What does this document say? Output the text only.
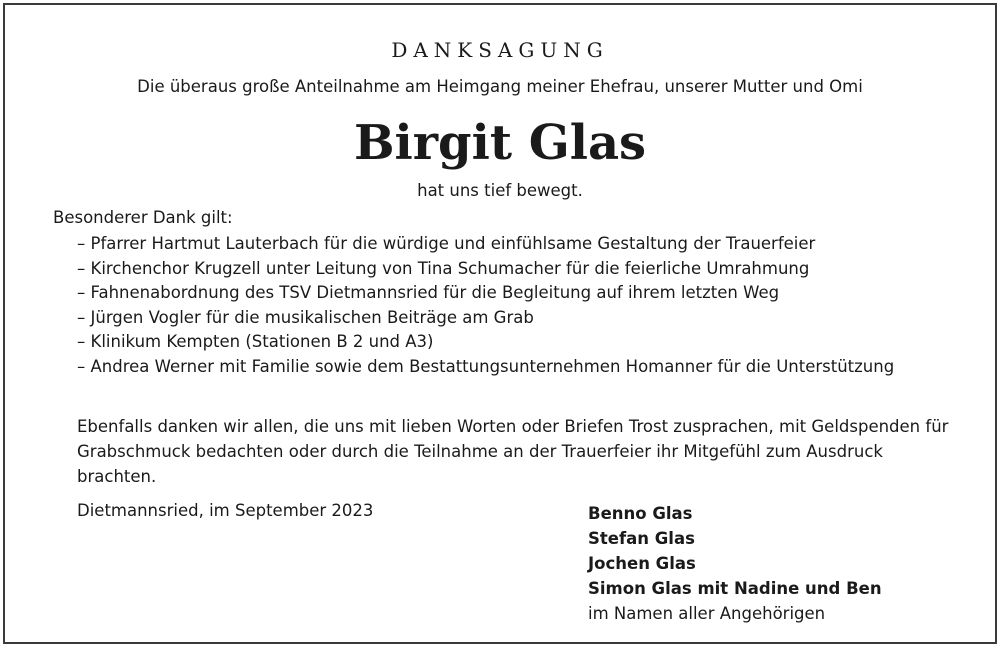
DANKSAGUNG
Die überaus große Anteilnahme am Heimgang meiner Ehefrau, unserer Mutter und Omi
Birgit Glas
hat uns tief bewegt.
Besonderer Dank gilt:
– Pfarrer Hartmut Lauterbach für die würdige und einfühlsame Gestaltung der Trauerfeier
– Kirchenchor Krugzell unter Leitung von Tina Schumacher für die feierliche Umrahmung
– Fahnenabordnung des TSV Dietmannsried für die Begleitung auf ihrem letzten Weg
– Jürgen Vogler für die musikalischen Beiträge am Grab
– Klinikum Kempten (Stationen B 2 und A3)
– Andrea Werner mit Familie sowie dem Bestattungsunternehmen Homanner für die Unterstützung
Ebenfalls danken wir allen, die uns mit lieben Worten oder Briefen Trost zusprachen, mit Geldspenden für Grabschmuck bedachten oder durch die Teilnahme an der Trauerfeier ihr Mitgefühl zum Ausdruck brachten.
Dietmannsried, im September 2023	Benno Glas
Stefan Glas
Jochen Glas
Simon Glas mit Nadine und Ben
im Namen aller Angehörigen
